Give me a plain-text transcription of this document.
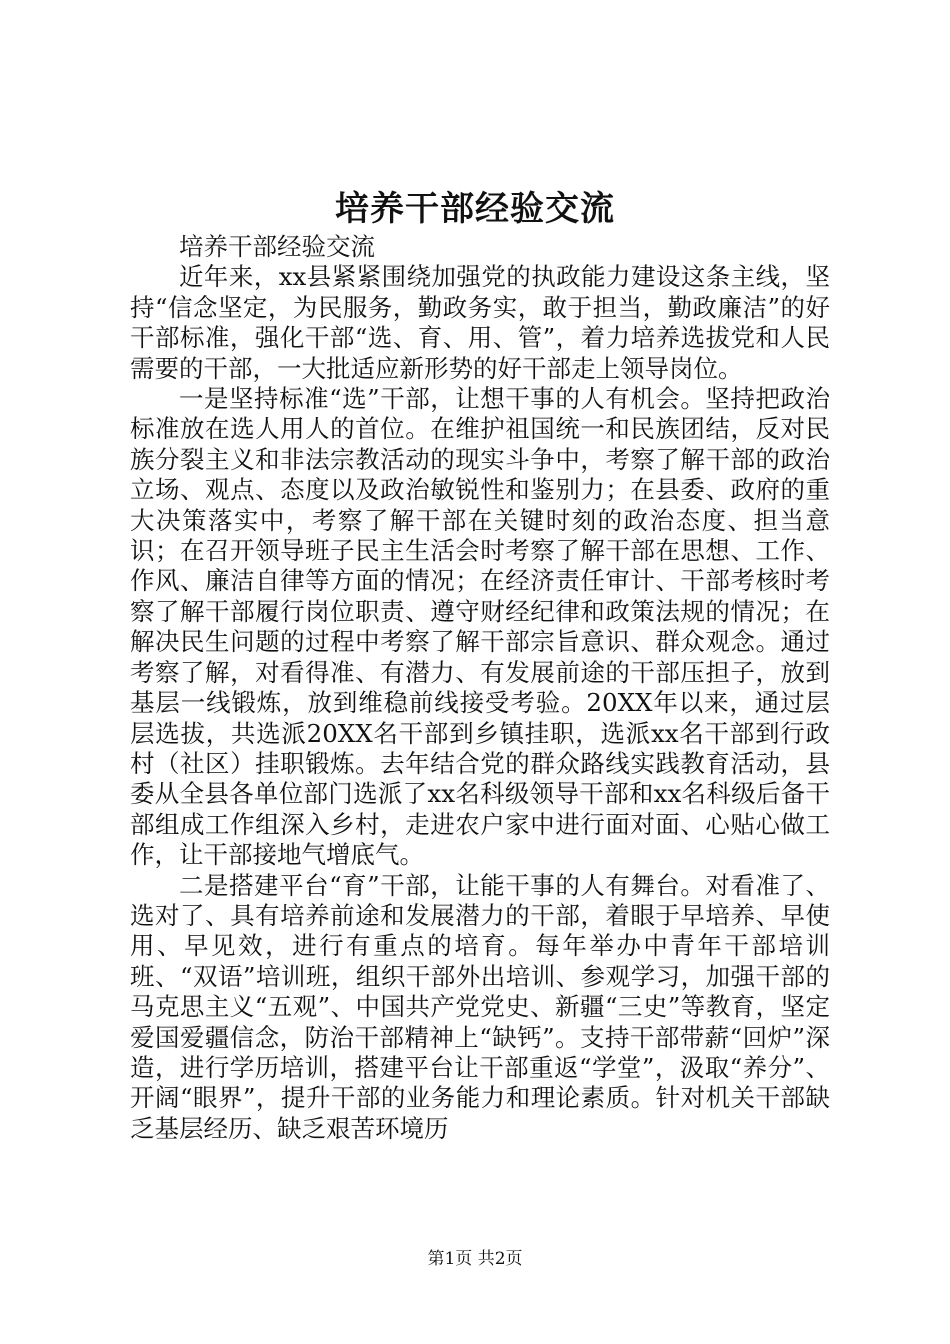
培养干部经验交流

培养干部经验交流

近年来，xx县紧紧围绕加强党的执政能力建设这条主线，坚持“信念坚定，为民服务，勤政务实，敢于担当，勤政廉洁”的好干部标准，强化干部“选、育、用、管”，着力培养选拔党和人民需要的干部，一大批适应新形势的好干部走上领导岗位。

一是坚持标准“选”干部，让想干事的人有机会。坚持把政治标准放在选人用人的首位。在维护祖国统一和民族团结，反对民族分裂主义和非法宗教活动的现实斗争中，考察了解干部的政治立场、观点、态度以及政治敏锐性和鉴别力；在县委、政府的重大决策落实中，考察了解干部在关键时刻的政治态度、担当意识；在召开领导班子民主生活会时考察了解干部在思想、工作、作风、廉洁自律等方面的情况；在经济责任审计、干部考核时考察了解干部履行岗位职责、遵守财经纪律和政策法规的情况；在解决民生问题的过程中考察了解干部宗旨意识、群众观念。通过考察了解，对看得准、有潜力、有发展前途的干部压担子，放到基层一线锻炼，放到维稳前线接受考验。20XX年以来，通过层层选拔，共选派20XX名干部到乡镇挂职，选派xx名干部到行政村（社区）挂职锻炼。去年结合党的群众路线实践教育活动，县委从全县各单位部门选派了xx名科级领导干部和xx名科级后备干部组成工作组深入乡村，走进农户家中进行面对面、心贴心做工作，让干部接地气增底气。

二是搭建平台“育”干部，让能干事的人有舞台。对看准了、选对了、具有培养前途和发展潜力的干部，着眼于早培养、早使用、早见效，进行有重点的培育。每年举办中青年干部培训班、“双语”培训班，组织干部外出培训、参观学习，加强干部的马克思主义“五观”、中国共产党党史、新疆“三史”等教育，坚定爱国爱疆信念，防治干部精神上“缺钙”。支持干部带薪“回炉”深造，进行学历培训，搭建平台让干部重返“学堂”，汲取“养分”、开阔“眼界”，提升干部的业务能力和理论素质。针对机关干部缺乏基层经历、缺乏艰苦环境历

第1页 共2页
